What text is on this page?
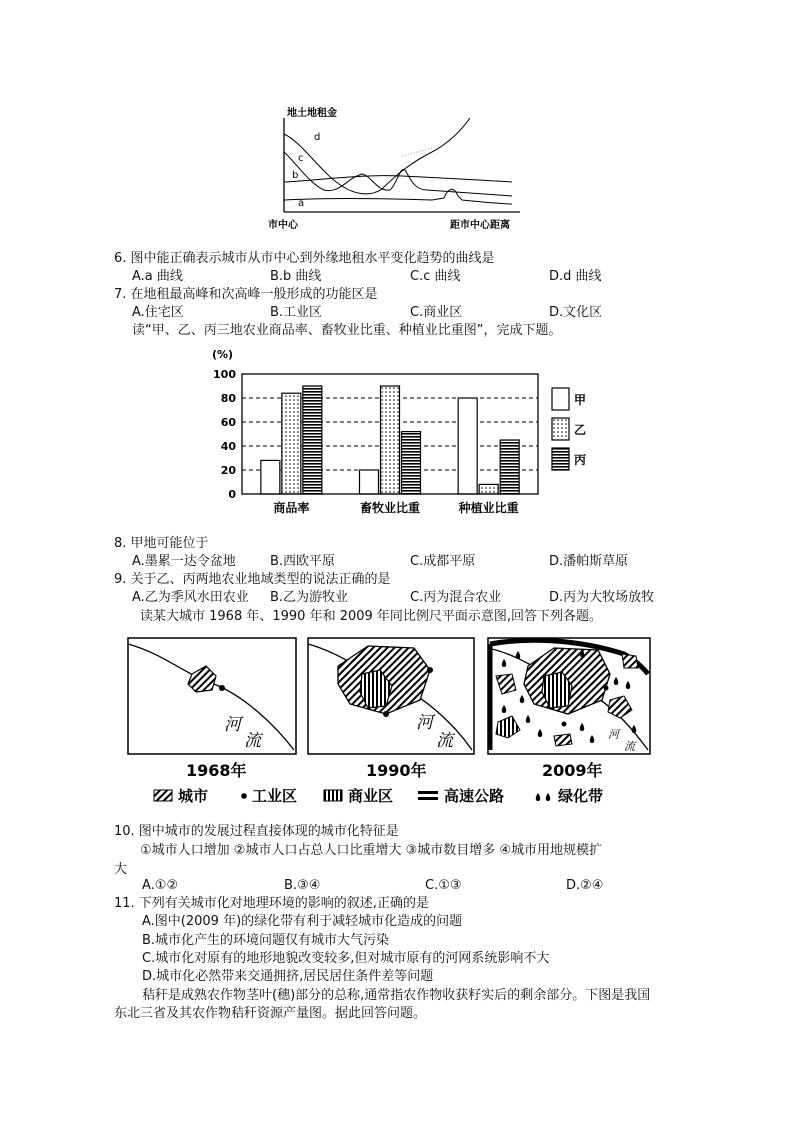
地土地租金
d
c
b
a
市中心	距市中心距离
6. 图中能正确表示城市从市中心到外缘地租水平变化趋势的曲线是
A.a 曲线	B.b 曲线	C.c 曲线	D.d 曲线
7. 在地租最高峰和次高峰一般形成的功能区是
A.住宅区	B.工业区	C.商业区	D.文化区
读“甲、乙、丙三地农业商品率、畜牧业比重、种植业比重图”，完成下题。
(%)
0
20
40
60
80
100
商品率	畜牧业比重	种植业比重
甲
乙
丙
8. 甲地可能位于
A.墨累一达令盆地	B.西欧平原	C.成都平原	D.潘帕斯草原
9. 关于乙、丙两地农业地域类型的说法正确的是
A.乙为季风水田农业 B.乙为游牧业	C.丙为混合农业	D.丙为大牧场放牧
读某大城市 1968 年、1990 年和 2009 年同比例尺平面示意图,回答下列各题。
河
流
河
流	河
流
1968年	1990年	2009年
城市	工业区	商业区	高速公路	绿化带
10. 图中城市的发展过程直接体现的城市化特征是
①城市人口增加 ②城市人口占总人口比重增大 ③城市数目增多 ④城市用地规模扩
大
A.①②	B.③④	C.①③	D.②④
11. 下列有关城市化对地理环境的影响的叙述,正确的是
A.图中(2009 年)的绿化带有利于减轻城市化造成的问题
B.城市化产生的环境问题仅有城市大气污染
C.城市化对原有的地形地貌改变较多,但对城市原有的河网系统影响不大
D.城市化必然带来交通拥挤,居民居住条件差等问题
秸秆是成熟农作物茎叶(穗)部分的总称,通常指农作物收获籽实后的剩余部分。下图是我国
东北三省及其农作物秸秆资源产量图。据此回答问题。
